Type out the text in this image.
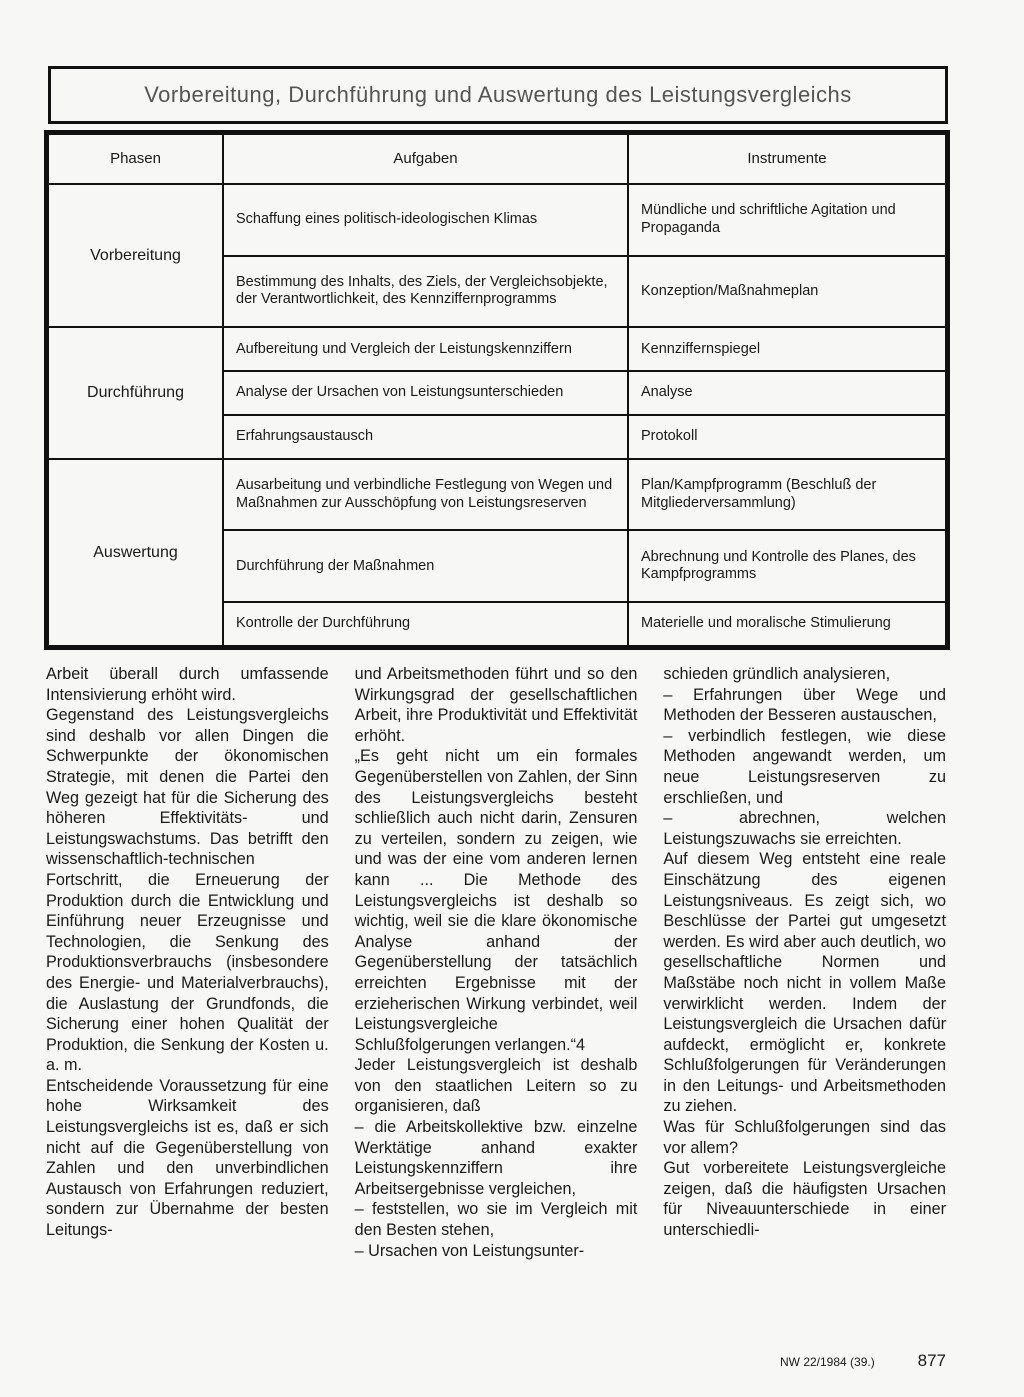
Vorbereitung, Durchführung und Auswertung des Leistungsvergleichs
Phasen	Aufgaben	Instrumente
Vorbereitung	Schaffung eines politisch-ideologischen Klimas	Mündliche und schriftliche Agitation und Propaganda
	Bestimmung des Inhalts, des Ziels, der Vergleichsobjekte, der Verantwortlichkeit, des Kennziffernprogramms	Konzeption/Maßnahmeplan
Durchführung	Aufbereitung und Vergleich der Leistungskennziffern	Kennziffernspiegel
	Analyse der Ursachen von Leistungsunterschieden	Analyse
	Erfahrungsaustausch	Protokoll
Auswertung	Ausarbeitung und verbindliche Festlegung von Wegen und Maßnahmen zur Ausschöpfung von Leistungsreserven	Plan/Kampfprogramm (Beschluß der Mitgliederversammlung)
	Durchführung der Maßnahmen	Abrechnung und Kontrolle des Planes, des Kampfprogramms
	Kontrolle der Durchführung	Materielle und moralische Stimulierung

Arbeit überall durch umfassende Intensivierung erhöht wird.

Gegenstand des Leistungsvergleichs sind deshalb vor allen Dingen die Schwerpunkte der ökonomischen Strategie, mit denen die Partei den Weg gezeigt hat für die Sicherung des höheren Effektivitäts- und Leistungswachstums. Das betrifft den wissenschaftlich-technischen Fortschritt, die Erneuerung der Produktion durch die Entwicklung und Einführung neuer Erzeugnisse und Technologien, die Senkung des Produktionsverbrauchs (insbesondere des Energie- und Materialverbrauchs), die Auslastung der Grundfonds, die Sicherung einer hohen Qualität der Produktion, die Senkung der Kosten u. a. m.

Entscheidende Voraussetzung für eine hohe Wirksamkeit des Leistungsvergleichs ist es, daß er sich nicht auf die Gegenüberstellung von Zahlen und den unverbindlichen Austausch von Erfahrungen reduziert, sondern zur Übernahme der besten Leitungs-

und Arbeitsmethoden führt und so den Wirkungsgrad der gesellschaftlichen Arbeit, ihre Produktivität und Effektivität erhöht.

„Es geht nicht um ein formales Gegenüberstellen von Zahlen, der Sinn des Leistungsvergleichs besteht schließlich auch nicht darin, Zensuren zu verteilen, sondern zu zeigen, wie und was der eine vom anderen lernen kann ... Die Methode des Leistungsvergleichs ist deshalb so wichtig, weil sie die klare ökonomische Analyse anhand der Gegenüberstellung der tatsächlich erreichten Ergebnisse mit der erzieherischen Wirkung verbindet, weil Leistungsvergleiche Schlußfolgerungen verlangen.“4

Jeder Leistungsvergleich ist deshalb von den staatlichen Leitern so zu organisieren, daß

– die Arbeitskollektive bzw. einzelne Werktätige anhand exakter Leistungskennziffern ihre Arbeitsergebnisse vergleichen,

– feststellen, wo sie im Vergleich mit den Besten stehen,

– Ursachen von Leistungsunter-

schieden gründlich analysieren,

– Erfahrungen über Wege und Methoden der Besseren austauschen,

– verbindlich festlegen, wie diese Methoden angewandt werden, um neue Leistungsreserven zu erschließen, und

– abrechnen, welchen Leistungszuwachs sie erreichten.

Auf diesem Weg entsteht eine reale Einschätzung des eigenen Leistungsniveaus. Es zeigt sich, wo Beschlüsse der Partei gut umgesetzt werden. Es wird aber auch deutlich, wo gesellschaftliche Normen und Maßstäbe noch nicht in vollem Maße verwirklicht werden. Indem der Leistungsvergleich die Ursachen dafür aufdeckt, ermöglicht er, konkrete Schlußfolgerungen für Veränderungen in den Leitungs- und Arbeitsmethoden zu ziehen.

Was für Schlußfolgerungen sind das vor allem?

Gut vorbereitete Leistungsvergleiche zeigen, daß die häufigsten Ursachen für Niveauunterschiede in einer unterschiedli-

NW 22/1984 (39.)	877
